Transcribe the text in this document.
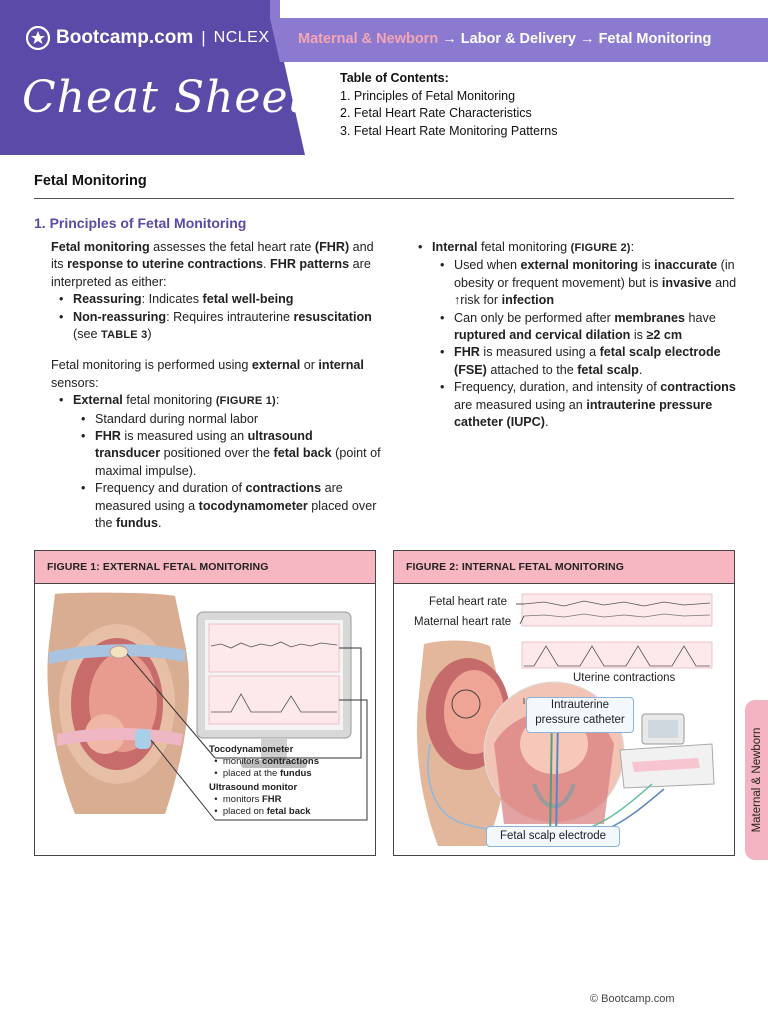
Bootcamp.com | NCLEX
Cheat Sheets
Maternal & Newborn → Labor & Delivery → Fetal Monitoring
Table of Contents:
1. Principles of Fetal Monitoring
2. Fetal Heart Rate Characteristics
3. Fetal Heart Rate Monitoring Patterns
Fetal Monitoring
1. Principles of Fetal Monitoring

Fetal monitoring assesses the fetal heart rate (FHR) and its response to uterine contractions. FHR patterns are interpreted as either:

• Reassuring: Indicates fetal well-being
• Non-reassuring: Requires intrauterine resuscitation (see TABLE 3)

Fetal monitoring is performed using external or internal sensors:

• External fetal monitoring (FIGURE 1):
• Standard during normal labor
• FHR is measured using an ultrasound transducer positioned over the fetal back (point of maximal impulse).
• Frequency and duration of contractions are measured using a tocodynamometer placed over the fundus.
• Internal fetal monitoring (FIGURE 2):
• Used when external monitoring is inaccurate (in obesity or frequent movement) but is invasive and ↑risk for infection
• Can only be performed after membranes have ruptured and cervical dilation is ≥2 cm
• FHR is measured using a fetal scalp electrode (FSE) attached to the fetal scalp.
• Frequency, duration, and intensity of contractions are measured using an intrauterine pressure catheter (IUPC).
FIGURE 1: EXTERNAL FETAL MONITORING
Tocodynamometer
•  monitors contractions
•  placed at the fundus
Ultrasound monitor
•  monitors FHR
•  placed on fetal back
FIGURE 2: INTERNAL FETAL MONITORING
Fetal heart rate
Maternal heart rate
Uterine contractions
Intrauterine
pressure catheter
Fetal scalp electrode
Maternal & Newborn
© Bootcamp.com
